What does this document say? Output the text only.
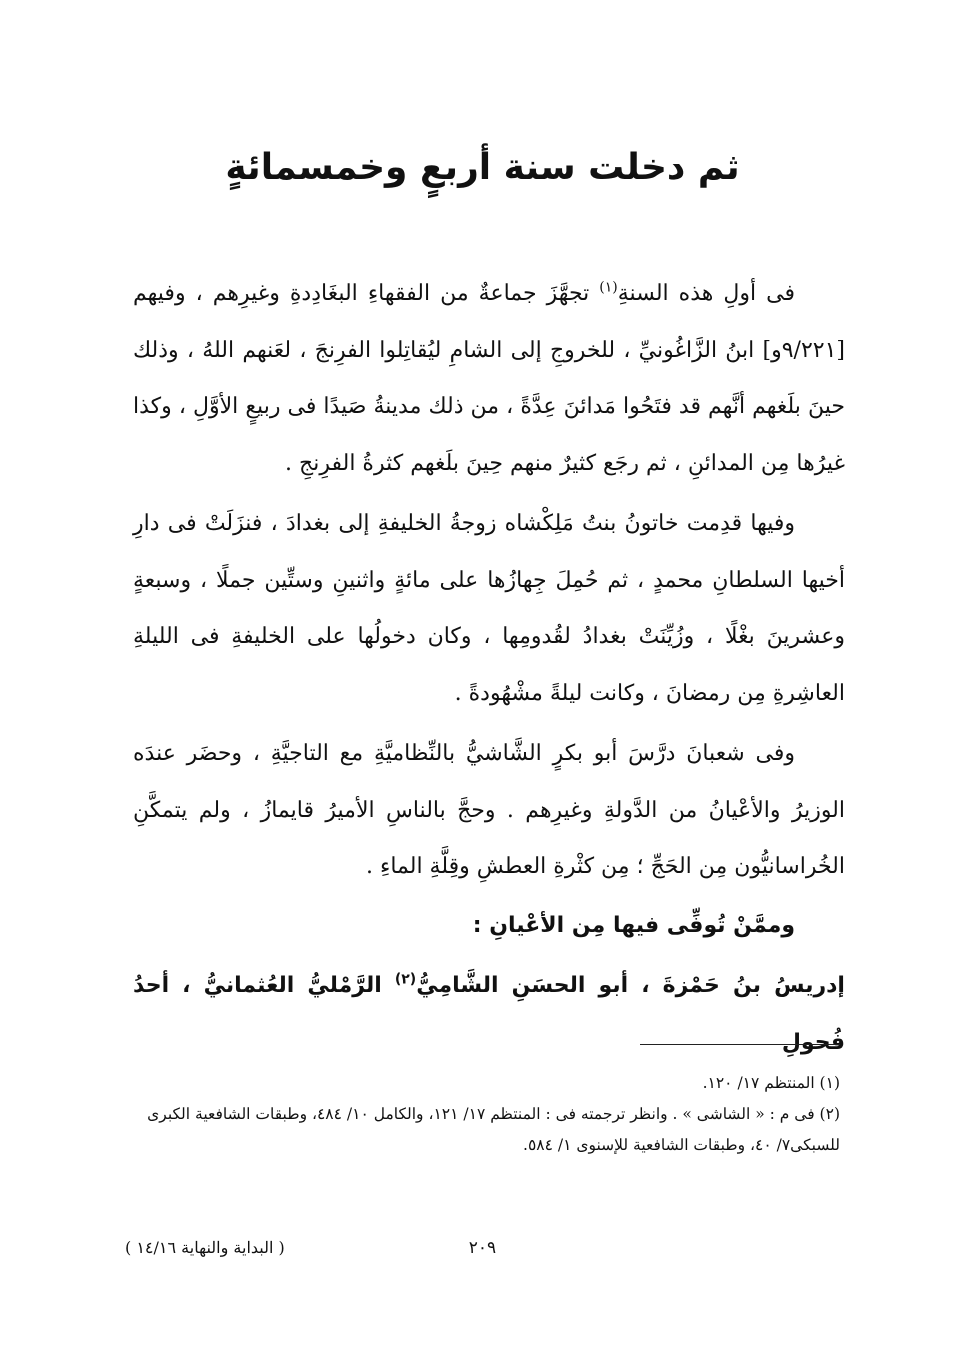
ثم دخلت سنة أربعٍ وخمسمائةٍ

فى أولِ هذه السنةِ$^{(١)}$ تجهَّزَ جماعةٌ من الفقهاءِ البغَادِدةِ وغيرِهم ، وفيهم [٩/٢٢١و] ابنُ الزَّاغُونيِّ ، للخروجِ إلى الشامِ ليُقاتِلوا الفرِنجَ ، لعَنهم اللهُ ، وذلك حينَ بلَغهم أنَّهم قد فتَحُوا مَدائنَ عِدَّةً ، من ذلك مدينةُ صَيدًا فى ربيعٍ الأوَّلِ ، وكذا غيرُها مِن المدائنِ ، ثم رجَع كثيرٌ منهم حِينَ بلَغهم كثرةُ الفرِنجِ .

وفيها قدِمت خاتونُ بنتُ مَلِكْشاه زوجةُ الخليفةِ إلى بغدادَ ، فنزَلَتْ فى دارِ أخيها السلطانِ محمدٍ ، ثم حُمِلَ جِهازُها على مائةٍ واثنينِ وستِّين جملًا ، وسبعةٍ وعشرينَ بغْلًا ، وزُيِّنَتْ بغدادُ لقُدومِها ، وكان دخولُها على الخليفةِ فى الليلةِ العاشِرةِ مِن رمضانَ ، وكانت ليلةً مشْهُودةً .

وفى شعبانَ درَّسَ أبو بكرٍ الشَّاشيُّ بالنِّظاميَّةِ مع التاجيَّةِ ، وحضَر عندَه الوزيرُ والأعْيانُ من الدَّولةِ وغيرِهم . وحجَّ بالناسِ الأميرُ قايمازُ ، ولم يتمكَّنِ الخُراسانيُّون مِن الحَجِّ ؛ مِن كثْرةِ العطشِ وقِلَّةِ الماءِ .

وممَّنْ تُوفِّى فيها مِن الأعْيانِ :

إدريسُ بنُ حَمْزةَ ، أبو الحسَنِ الشَّامِيُّ$^{(٢)}$ الرَّمْليُّ العُثمانيُّ ، أحدُ فُحولِ

(١) المنتظم ١٧/ ١٢٠.

(٢) فى م : « الشاشى » . وانظر ترجمته فى : المنتظم ١٧/ ١٢١، والكامل ١٠/ ٤٨٤، وطبقات الشافعية الكبرى للسبكى٧/ ٤٠، وطبقات الشافعية للإسنوى ١/ ٥٨٤.

٢٠٩
( البداية والنهاية ١٤/١٦ )
